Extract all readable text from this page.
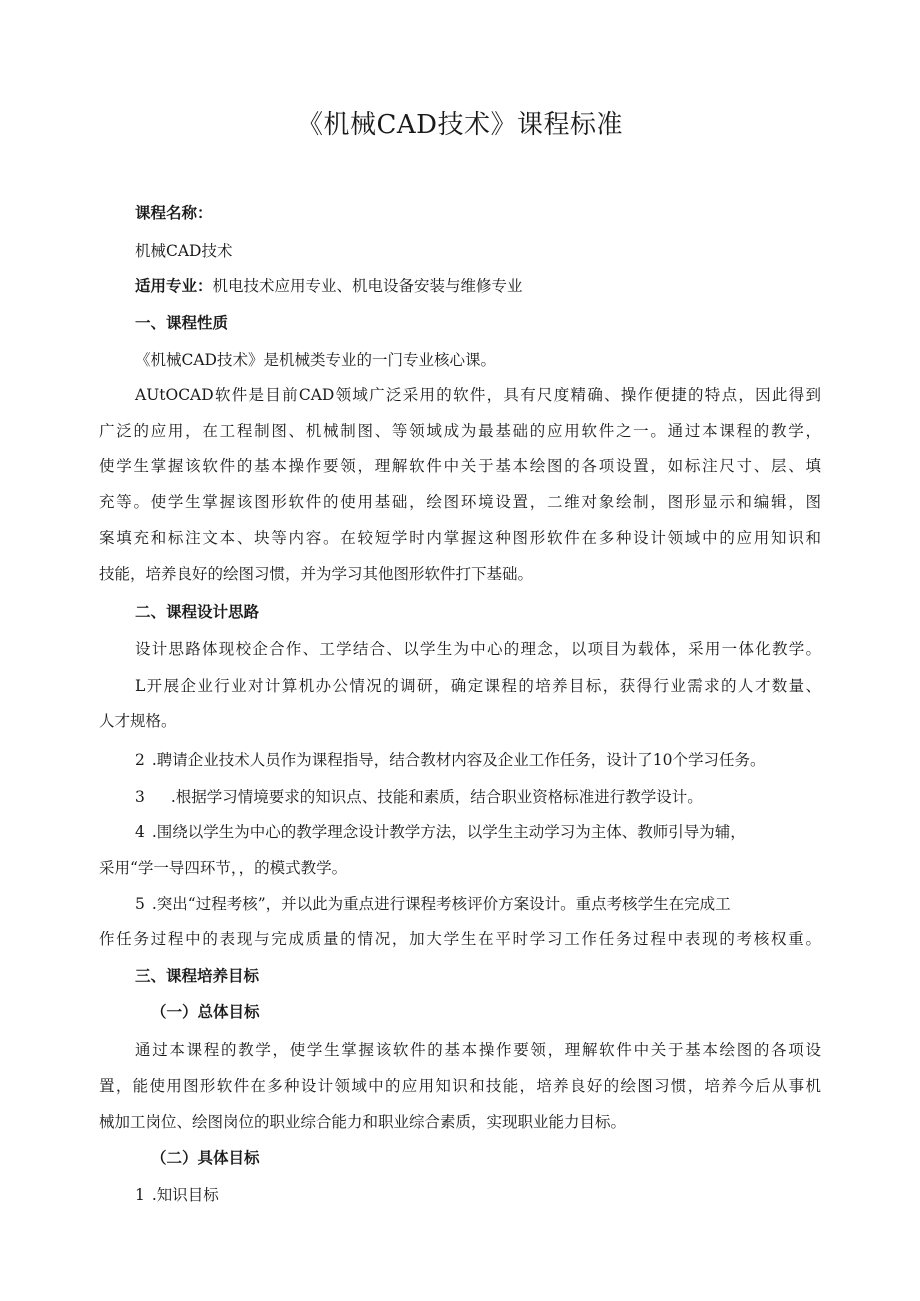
《机械CAD技术》课程标准
课程名称：
机械CAD技术
适用专业：机电技术应用专业、机电设备安装与维修专业
一、课程性质
《机械CAD技术》是机械类专业的一门专业核心课。
AUtOCAD软件是目前CAD领域广泛采用的软件，具有尺度精确、操作便捷的特点，因此得到
广泛的应用，在工程制图、机械制图、等领域成为最基础的应用软件之一。通过本课程的教学，
使学生掌握该软件的基本操作要领，理解软件中关于基本绘图的各项设置，如标注尺寸、层、填
充等。使学生掌握该图形软件的使用基础，绘图环境设置，二维对象绘制，图形显示和编辑，图
案填充和标注文本、块等内容。在较短学时内掌握这种图形软件在多种设计领域中的应用知识和
技能，培养良好的绘图习惯，并为学习其他图形软件打下基础。
二、课程设计思路
设计思路体现校企合作、工学结合、以学生为中心的理念，以项目为载体，采用一体化教学。
L开展企业行业对计算机办公情况的调研，确定课程的培养目标，获得行业需求的人才数量、
人才规格。
2 .聘请企业技术人员作为课程指导，结合教材内容及企业工作任务，设计了10个学习任务。
3 .根据学习情境要求的知识点、技能和素质，结合职业资格标准进行教学设计。
4 .围绕以学生为中心的教学理念设计教学方法，以学生主动学习为主体、教师引导为辅，
采用“学一导四环节，，的模式教学。
5 .突出“过程考核”，并以此为重点进行课程考核评价方案设计。重点考核学生在完成工
作任务过程中的表现与完成质量的情况，加大学生在平时学习工作任务过程中表现的考核权重。
三、课程培养目标
（一）总体目标
通过本课程的教学，使学生掌握该软件的基本操作要领，理解软件中关于基本绘图的各项设
置，能使用图形软件在多种设计领域中的应用知识和技能，培养良好的绘图习惯，培养今后从事机
械加工岗位、绘图岗位的职业综合能力和职业综合素质，实现职业能力目标。
（二）具体目标
1 .知识目标
